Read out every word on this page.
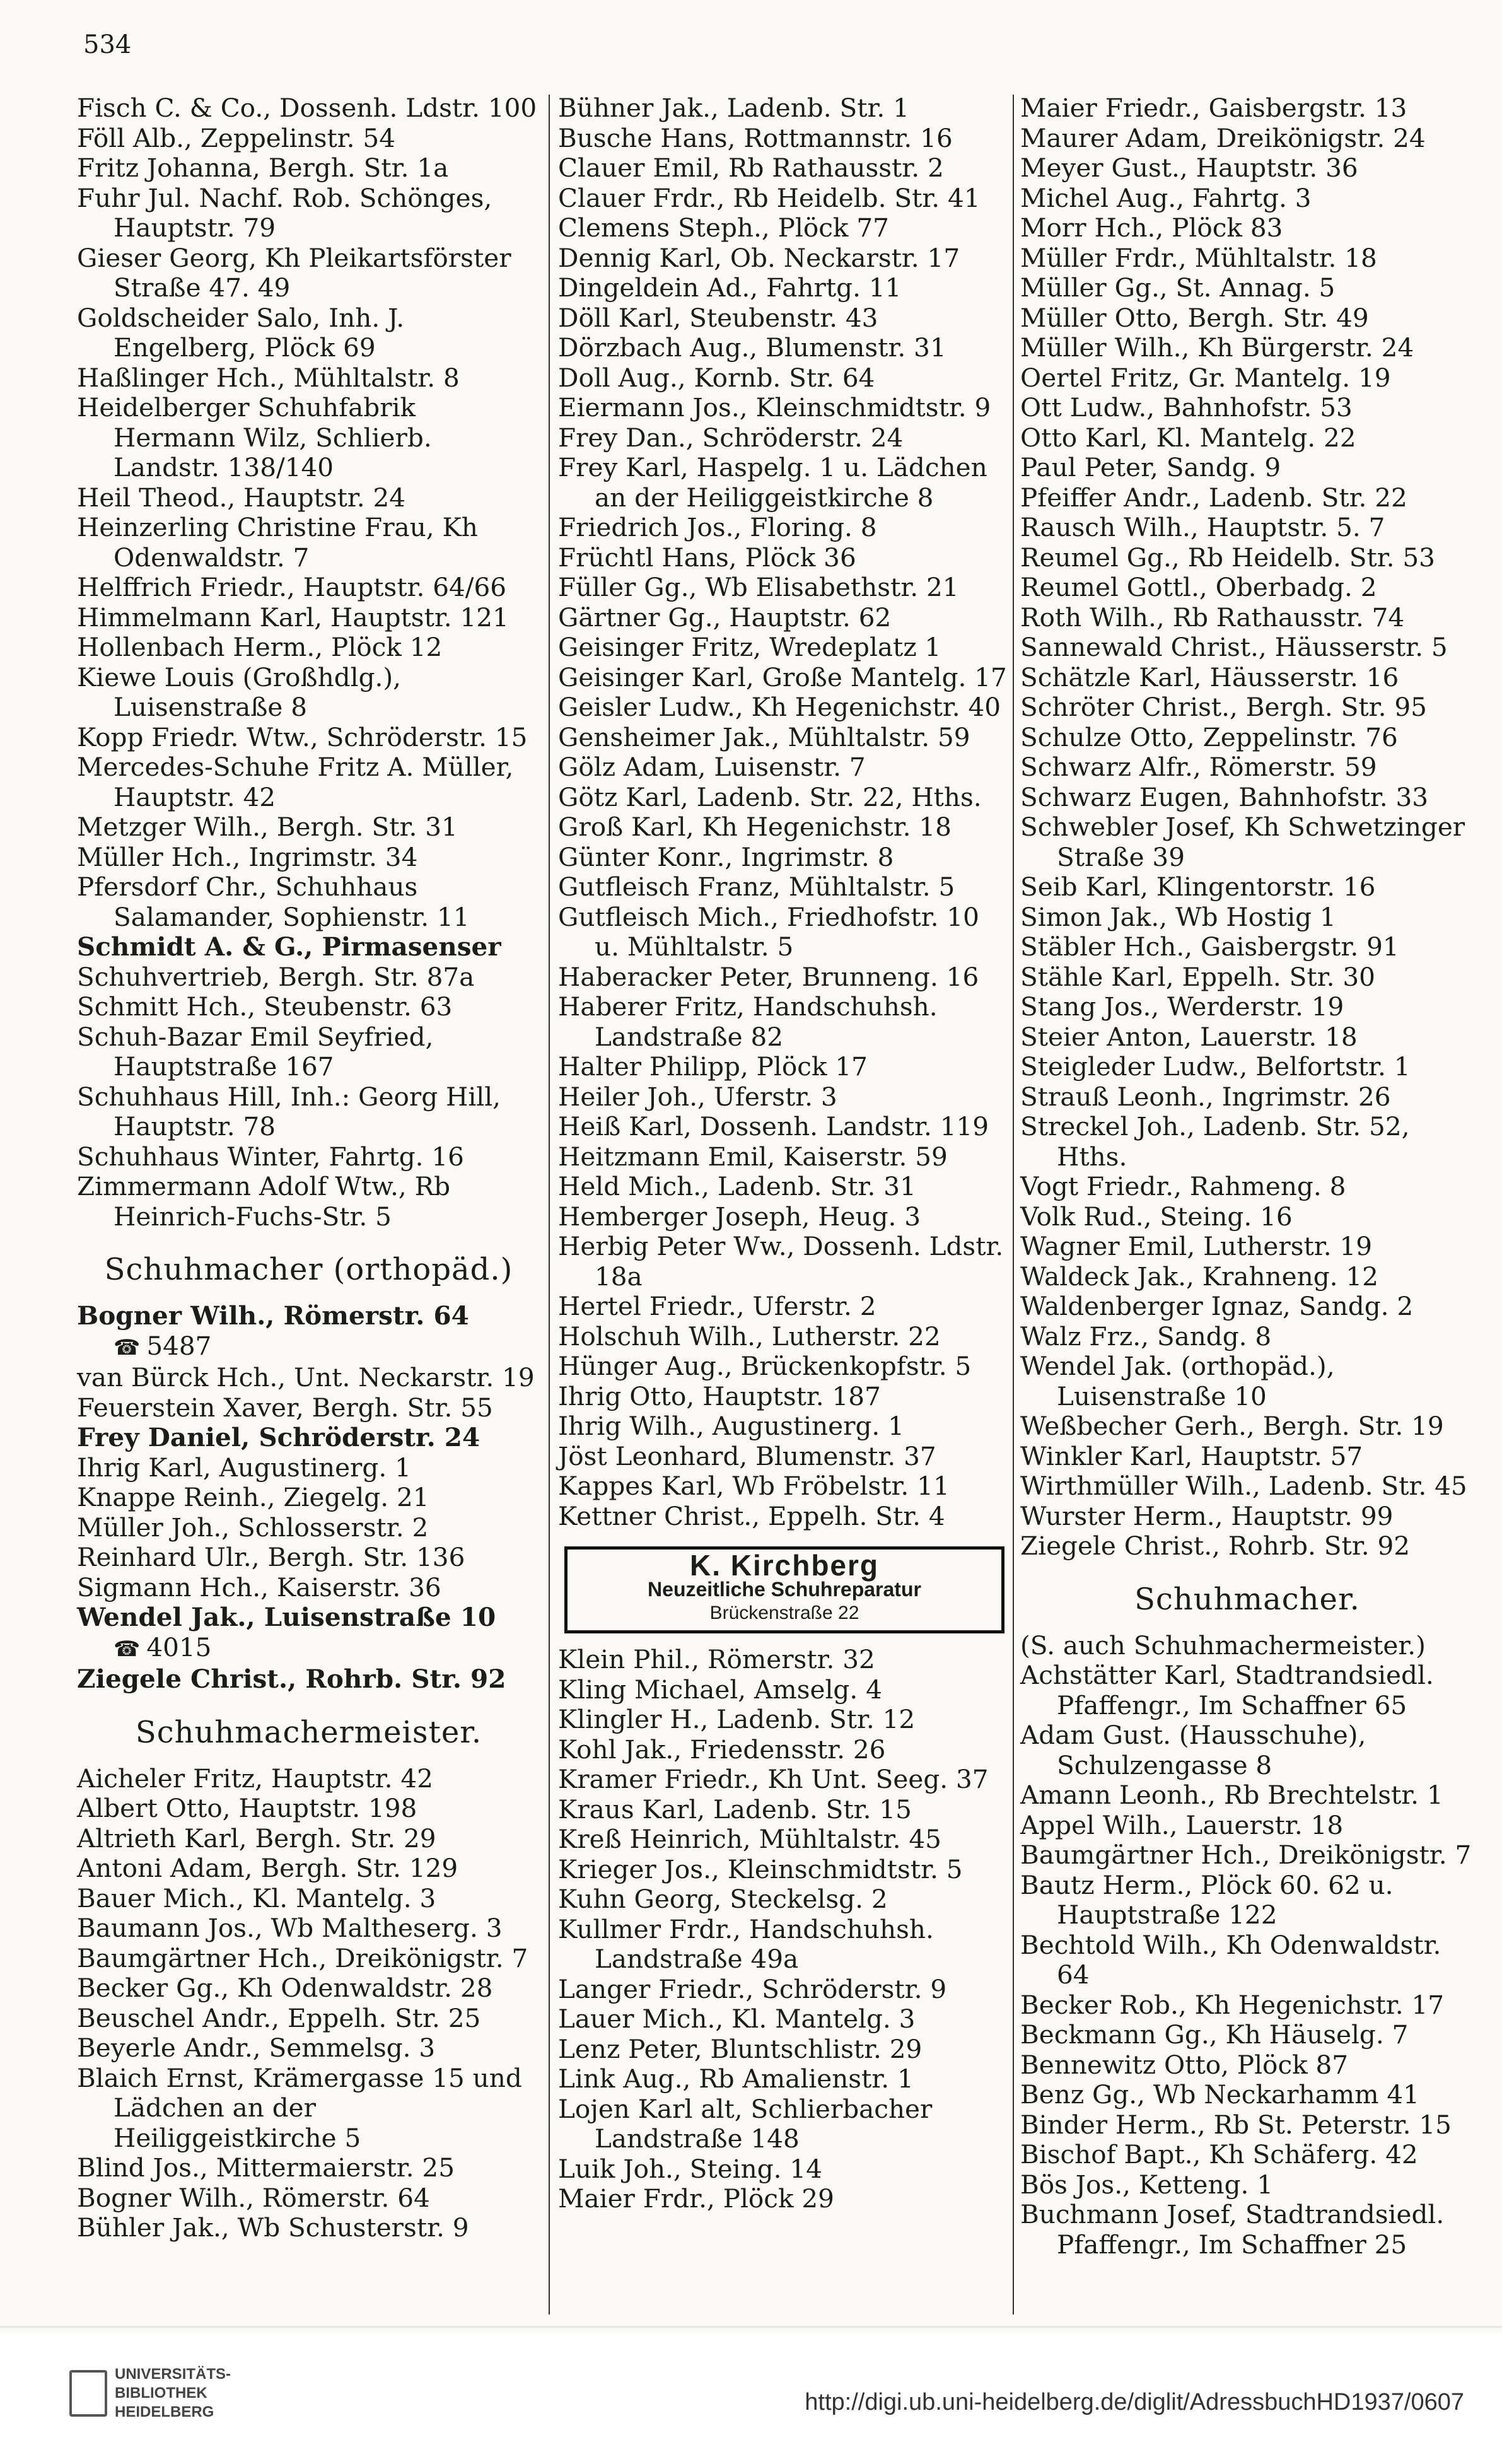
534
Fisch C. & Co., Dossenh. Ldstr. 100
Föll Alb., Zeppelinstr. 54
Fritz Johanna, Bergh. Str. 1a
Fuhr Jul. Nachf. Rob. Schönges, Hauptstr. 79
Gieser Georg, Kh Pleikartsförster Straße 47. 49
Goldscheider Salo, Inh. J. Engelberg, Plöck 69
Haßlinger Hch., Mühltalstr. 8
Heidelberger Schuhfabrik Hermann Wilz, Schlierb. Landstr. 138/140
Heil Theod., Hauptstr. 24
Heinzerling Christine Frau, Kh Odenwaldstr. 7
Helffrich Friedr., Hauptstr. 64/66
Himmelmann Karl, Hauptstr. 121
Hollenbach Herm., Plöck 12
Kiewe Louis (Großhdlg.), Luisenstraße 8
Kopp Friedr. Wtw., Schröderstr. 15
Mercedes-Schuhe Fritz A. Müller, Hauptstr. 42
Metzger Wilh., Bergh. Str. 31
Müller Hch., Ingrimstr. 34
Pfersdorf Chr., Schuhhaus Salamander, Sophienstr. 11
Schmidt A. & G., Pirmasenser
Schuhvertrieb, Bergh. Str. 87a
Schmitt Hch., Steubenstr. 63
Schuh-Bazar Emil Seyfried, Hauptstraße 167
Schuhhaus Hill, Inh.: Georg Hill, Hauptstr. 78
Schuhhaus Winter, Fahrtg. 16
Zimmermann Adolf Wtw., Rb Heinrich-Fuchs-Str. 5
Schuhmacher (orthopäd.)
Bogner Wilh., Römerstr. 64
☎ 5487
van Bürck Hch., Unt. Neckarstr. 19
Feuerstein Xaver, Bergh. Str. 55
Frey Daniel, Schröderstr. 24
Ihrig Karl, Augustinerg. 1
Knappe Reinh., Ziegelg. 21
Müller Joh., Schlosserstr. 2
Reinhard Ulr., Bergh. Str. 136
Sigmann Hch., Kaiserstr. 36
Wendel Jak., Luisenstraße 10
☎ 4015
Ziegele Christ., Rohrb. Str. 92
Schuhmachermeister.
Aicheler Fritz, Hauptstr. 42
Albert Otto, Hauptstr. 198
Altrieth Karl, Bergh. Str. 29
Antoni Adam, Bergh. Str. 129
Bauer Mich., Kl. Mantelg. 3
Baumann Jos., Wb Maltheserg. 3
Baumgärtner Hch., Dreikönigstr. 7
Becker Gg., Kh Odenwaldstr. 28
Beuschel Andr., Eppelh. Str. 25
Beyerle Andr., Semmelsg. 3
Blaich Ernst, Krämergasse 15 und Lädchen an der Heiliggeistkirche 5
Blind Jos., Mittermaierstr. 25
Bogner Wilh., Römerstr. 64
Bühler Jak., Wb Schusterstr. 9
Bühner Jak., Ladenb. Str. 1
Busche Hans, Rottmannstr. 16
Clauer Emil, Rb Rathausstr. 2
Clauer Frdr., Rb Heidelb. Str. 41
Clemens Steph., Plöck 77
Dennig Karl, Ob. Neckarstr. 17
Dingeldein Ad., Fahrtg. 11
Döll Karl, Steubenstr. 43
Dörzbach Aug., Blumenstr. 31
Doll Aug., Kornb. Str. 64
Eiermann Jos., Kleinschmidtstr. 9
Frey Dan., Schröderstr. 24
Frey Karl, Haspelg. 1 u. Lädchen an der Heiliggeistkirche 8
Friedrich Jos., Floring. 8
Früchtl Hans, Plöck 36
Füller Gg., Wb Elisabethstr. 21
Gärtner Gg., Hauptstr. 62
Geisinger Fritz, Wredeplatz 1
Geisinger Karl, Große Mantelg. 17
Geisler Ludw., Kh Hegenichstr. 40
Gensheimer Jak., Mühltalstr. 59
Gölz Adam, Luisenstr. 7
Götz Karl, Ladenb. Str. 22, Hths.
Groß Karl, Kh Hegenichstr. 18
Günter Konr., Ingrimstr. 8
Gutfleisch Franz, Mühltalstr. 5
Gutfleisch Mich., Friedhofstr. 10 u. Mühltalstr. 5
Haberacker Peter, Brunneng. 16
Haberer Fritz, Handschuhsh. Landstraße 82
Halter Philipp, Plöck 17
Heiler Joh., Uferstr. 3
Heiß Karl, Dossenh. Landstr. 119
Heitzmann Emil, Kaiserstr. 59
Held Mich., Ladenb. Str. 31
Hemberger Joseph, Heug. 3
Herbig Peter Ww., Dossenh. Ldstr. 18a
Hertel Friedr., Uferstr. 2
Holschuh Wilh., Lutherstr. 22
Hünger Aug., Brückenkopfstr. 5
Ihrig Otto, Hauptstr. 187
Ihrig Wilh., Augustinerg. 1
Jöst Leonhard, Blumenstr. 37
Kappes Karl, Wb Fröbelstr. 11
Kettner Christ., Eppelh. Str. 4
K. Kirchberg
Neuzeitliche Schuhreparatur
Brückenstraße 22
Klein Phil., Römerstr. 32
Kling Michael, Amselg. 4
Klingler H., Ladenb. Str. 12
Kohl Jak., Friedensstr. 26
Kramer Friedr., Kh Unt. Seeg. 37
Kraus Karl, Ladenb. Str. 15
Kreß Heinrich, Mühltalstr. 45
Krieger Jos., Kleinschmidtstr. 5
Kuhn Georg, Steckelsg. 2
Kullmer Frdr., Handschuhsh. Landstraße 49a
Langer Friedr., Schröderstr. 9
Lauer Mich., Kl. Mantelg. 3
Lenz Peter, Bluntschlistr. 29
Link Aug., Rb Amalienstr. 1
Lojen Karl alt, Schlierbacher Landstraße 148
Luik Joh., Steing. 14
Maier Frdr., Plöck 29
Maier Friedr., Gaisbergstr. 13
Maurer Adam, Dreikönigstr. 24
Meyer Gust., Hauptstr. 36
Michel Aug., Fahrtg. 3
Morr Hch., Plöck 83
Müller Frdr., Mühltalstr. 18
Müller Gg., St. Annag. 5
Müller Otto, Bergh. Str. 49
Müller Wilh., Kh Bürgerstr. 24
Oertel Fritz, Gr. Mantelg. 19
Ott Ludw., Bahnhofstr. 53
Otto Karl, Kl. Mantelg. 22
Paul Peter, Sandg. 9
Pfeiffer Andr., Ladenb. Str. 22
Rausch Wilh., Hauptstr. 5. 7
Reumel Gg., Rb Heidelb. Str. 53
Reumel Gottl., Oberbadg. 2
Roth Wilh., Rb Rathausstr. 74
Sannewald Christ., Häusserstr. 5
Schätzle Karl, Häusserstr. 16
Schröter Christ., Bergh. Str. 95
Schulze Otto, Zeppelinstr. 76
Schwarz Alfr., Römerstr. 59
Schwarz Eugen, Bahnhofstr. 33
Schwebler Josef, Kh Schwetzinger Straße 39
Seib Karl, Klingentorstr. 16
Simon Jak., Wb Hostig 1
Stäbler Hch., Gaisbergstr. 91
Stähle Karl, Eppelh. Str. 30
Stang Jos., Werderstr. 19
Steier Anton, Lauerstr. 18
Steigleder Ludw., Belfortstr. 1
Strauß Leonh., Ingrimstr. 26
Streckel Joh., Ladenb. Str. 52, Hths.
Vogt Friedr., Rahmeng. 8
Volk Rud., Steing. 16
Wagner Emil, Lutherstr. 19
Waldeck Jak., Krahneng. 12
Waldenberger Ignaz, Sandg. 2
Walz Frz., Sandg. 8
Wendel Jak. (orthopäd.), Luisenstraße 10
Weßbecher Gerh., Bergh. Str. 19
Winkler Karl, Hauptstr. 57
Wirthmüller Wilh., Ladenb. Str. 45
Wurster Herm., Hauptstr. 99
Ziegele Christ., Rohrb. Str. 92
Schuhmacher.
(S. auch Schuhmachermeister.)
Achstätter Karl, Stadtrandsiedl. Pfaffengr., Im Schaffner 65
Adam Gust. (Hausschuhe), Schulzengasse 8
Amann Leonh., Rb Brechtelstr. 1
Appel Wilh., Lauerstr. 18
Baumgärtner Hch., Dreikönigstr. 7
Bautz Herm., Plöck 60. 62 u. Hauptstraße 122
Bechtold Wilh., Kh Odenwaldstr. 64
Becker Rob., Kh Hegenichstr. 17
Beckmann Gg., Kh Häuselg. 7
Bennewitz Otto, Plöck 87
Benz Gg., Wb Neckarhamm 41
Binder Herm., Rb St. Peterstr. 15
Bischof Bapt., Kh Schäferg. 42
Bös Jos., Ketteng. 1
Buchmann Josef, Stadtrandsiedl. Pfaffengr., Im Schaffner 25
UNIVERSITÄTS-
BIBLIOTHEK
HEIDELBERG	http://digi.ub.uni-heidelberg.de/diglit/AdressbuchHD1937/0607
